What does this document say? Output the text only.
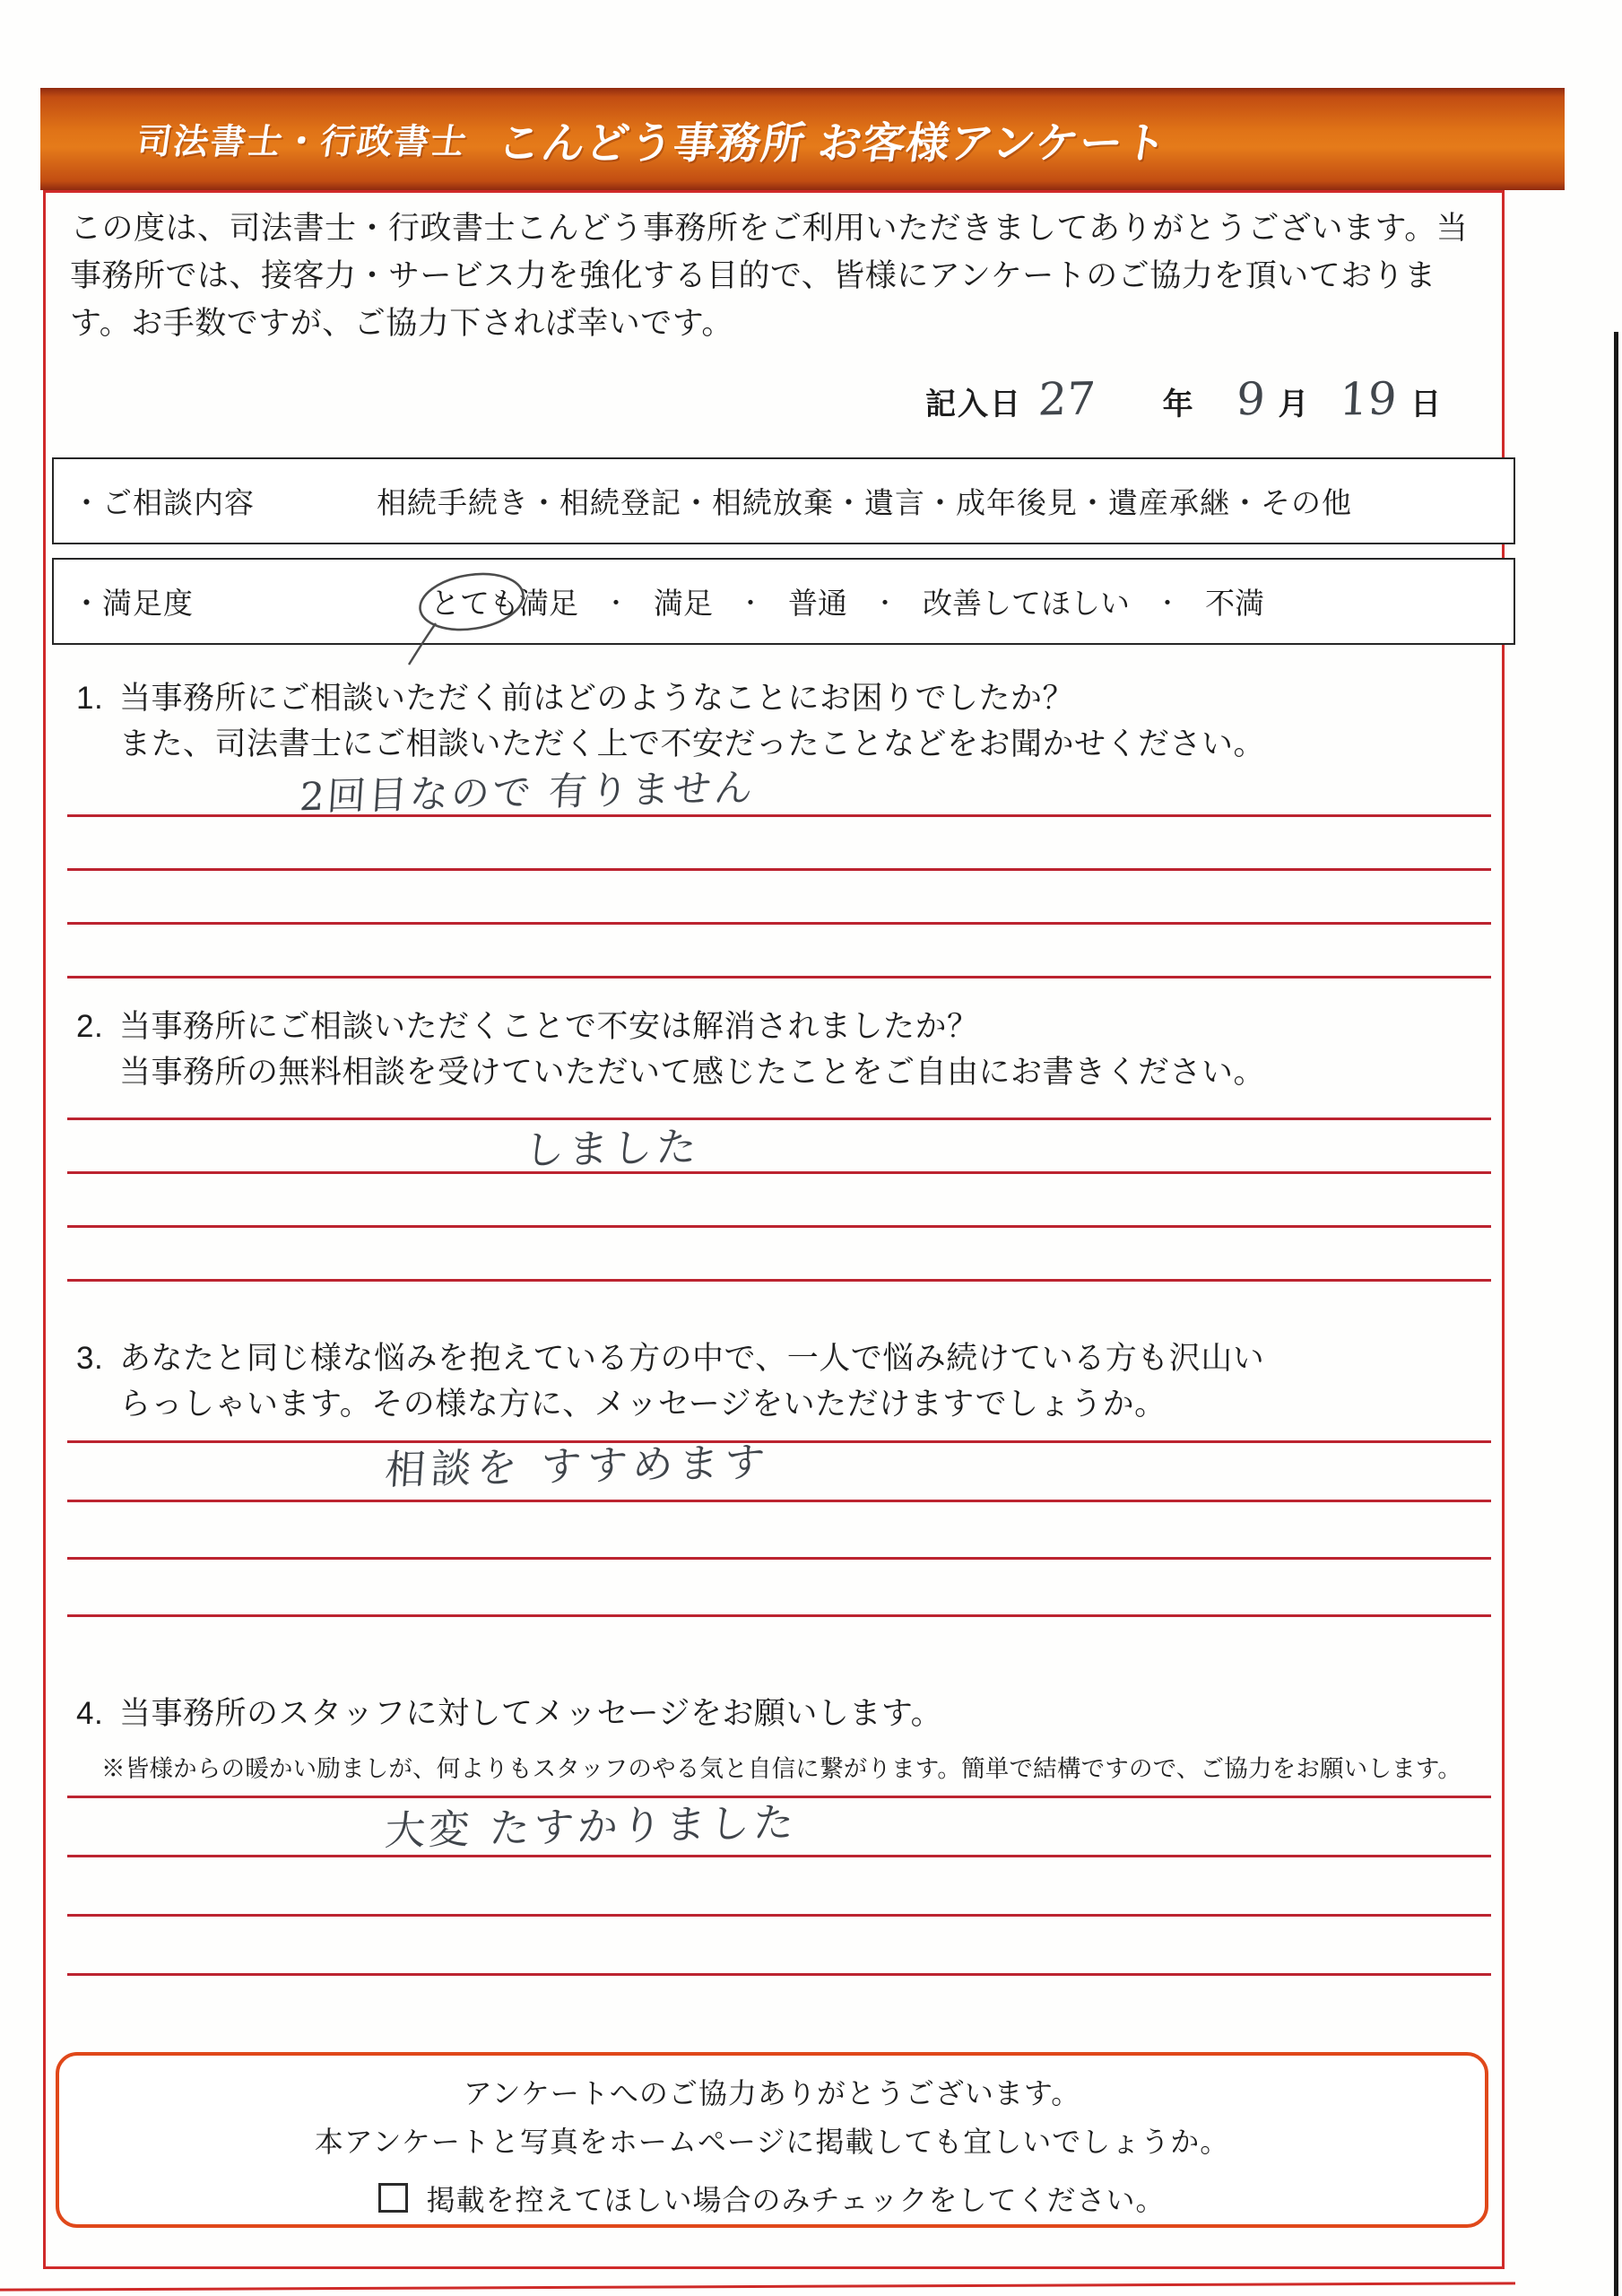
司法書士・行政書士 こんどう事務所 お客様アンケート

この度は、司法書士・行政書士こんどう事務所をご利用いただきましてありがとうございます。当事務所では、接客力・サービス力を強化する目的で、皆様にアンケートのご協力を頂いております。お手数ですが、ご協力下されば幸いです。

記入日 27 年 9 月 19 日
・ご相談内容	相続手続き・相続登記・相続放棄・遺言・成年後見・遺産承継・その他
・満足度	とても満足 ・ 満足 ・ 普通 ・ 改善してほしい ・ 不満
1. 当事務所にご相談いただく前はどのようなことにお困りでしたか？
また、司法書士にご相談いただく上で不安だったことなどをお聞かせください。
2回目なので 有りません
2. 当事務所にご相談いただくことで不安は解消されましたか？
当事務所の無料相談を受けていただいて感じたことをご自由にお書きください。
しました
3. あなたと同じ様な悩みを抱えている方の中で、一人で悩み続けている方も沢山い
らっしゃいます。その様な方に、メッセージをいただけますでしょうか。
相談を すすめます
4. 当事務所のスタッフに対してメッセージをお願いします。
※皆様からの暖かい励ましが、何よりもスタッフのやる気と自信に繋がります。簡単で結構ですので、ご協力をお願いします。
大変 たすかりました
アンケートへのご協力ありがとうございます。
本アンケートと写真をホームページに掲載しても宜しいでしょうか。
掲載を控えてほしい場合のみチェックをしてください。
